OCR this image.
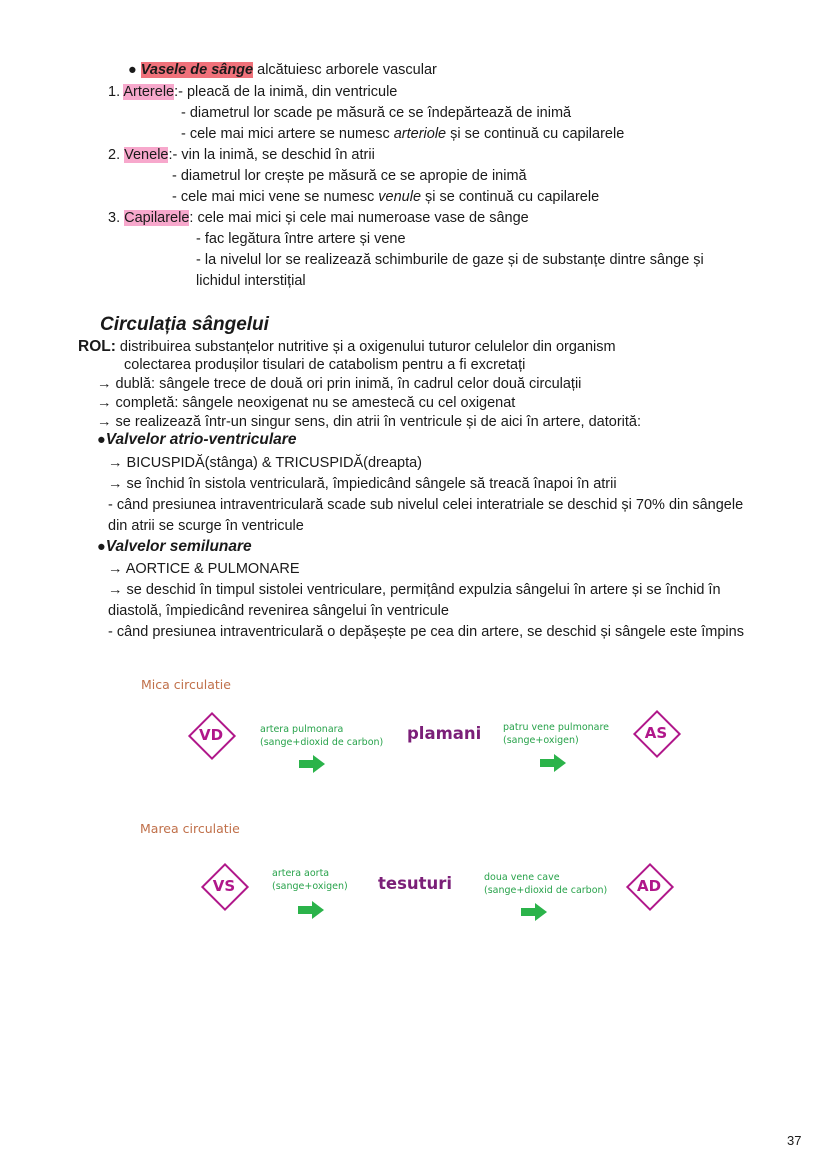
● Vasele de sânge alcătuiesc arborele vascular
1. Arterele:- pleacă de la inimă, din ventricule
- diametrul lor scade pe măsură ce se îndepărtează de inimă
- cele mai mici artere se numesc arteriole și se continuă cu capilarele
2. Venele:- vin la inimă, se deschid în atrii
- diametrul lor crește pe măsură ce se apropie de inimă
- cele mai mici vene se numesc venule și se continuă cu capilarele
3. Capilarele: cele mai mici și cele mai numeroase vase de sânge
- fac legătura între artere și vene
- la nivelul lor se realizează schimburile de gaze și de substanțe dintre sânge și
lichidul interstițial
Circulația sângelui
ROL: distribuirea substanțelor nutritive și a oxigenului tuturor celulelor din organism
colectarea produșilor tisulari de catabolism pentru a fi excretați
→ dublă: sângele trece de două ori prin inimă, în cadrul celor două circulații
→ completă: sângele neoxigenat nu se amestecă cu cel oxigenat
→ se realizează într-un singur sens, din atrii în ventricule și de aici în artere, datorită:
●Valvelor atrio-ventriculare
→ BICUSPIDĂ(stânga) & TRICUSPIDĂ(dreapta)
→ se închid în sistola ventriculară, împiedicând sângele să treacă înapoi în atrii
- când presiunea intraventriculară scade sub nivelul celei interatriale se deschid și 70% din sângele
din atrii se scurge în ventricule
●Valvelor semilunare
→ AORTICE & PULMONARE
→ se deschid în timpul sistolei ventriculare, permițând expulzia sângelui în artere și se închid în
diastolă, împiedicând revenirea sângelui în ventricule
- când presiunea intraventriculară o depășește pe cea din artere, se deschid și sângele este împins
Mica circulatie
VD	artera pulmonara
(sange+dioxid de carbon) plamani patru vene pulmonare
(sange+oxigen)	AS
Marea circulatie
VS
artera aorta
(sange+oxigen) tesuturi	doua vene cave
(sange+dioxid de carbon)	AD
37
